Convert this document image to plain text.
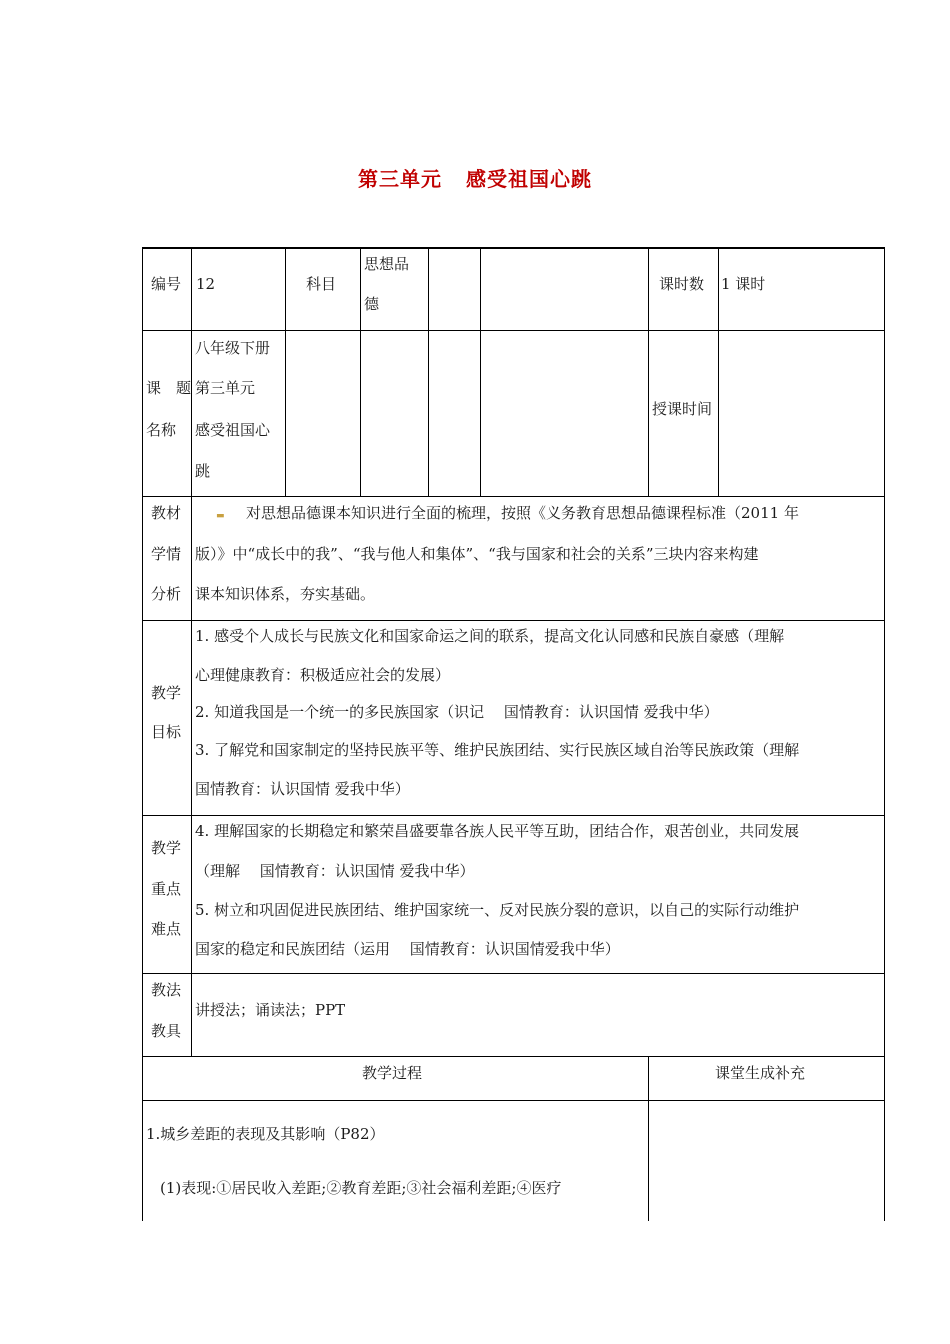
第三单元 感受祖国心跳
编号 12	科目
思想品
德
课时数 1 课时
课　题
名称
八年级下册
第三单元
感受祖国心
跳
授课时间
教材
学情
分析
▬ 对思想品德课本知识进行全面的梳理，按照《义务教育思想品德课程标准（2011 年
版）》中“成长中的我”、“我与他人和集体”、“我与国家和社会的关系”三块内容来构建
课本知识体系，夯实基础。
教学
目标
1. 感受个人成长与民族文化和国家命运之间的联系，提高文化认同感和民族自豪感（理解
心理健康教育：积极适应社会的发展）
2. 知道我国是一个统一的多民族国家（识记　 国情教育：认识国情 爱我中华）
3. 了解党和国家制定的坚持民族平等、维护民族团结、实行民族区域自治等民族政策（理解
国情教育：认识国情 爱我中华）
教学
重点
难点
4. 理解国家的长期稳定和繁荣昌盛要靠各族人民平等互助，团结合作，艰苦创业，共同发展
（理解　 国情教育：认识国情 爱我中华）
5. 树立和巩固促进民族团结、维护国家统一、反对民族分裂的意识，以自己的实际行动维护
国家的稳定和民族团结（运用　 国情教育：认识国情爱我中华）
教法
教具
讲授法；诵读法；PPT
教学过程	课堂生成补充
1.城乡差距的表现及其影响（P82）
(1)表现:①居民收入差距;②教育差距;③社会福利差距;④医疗
